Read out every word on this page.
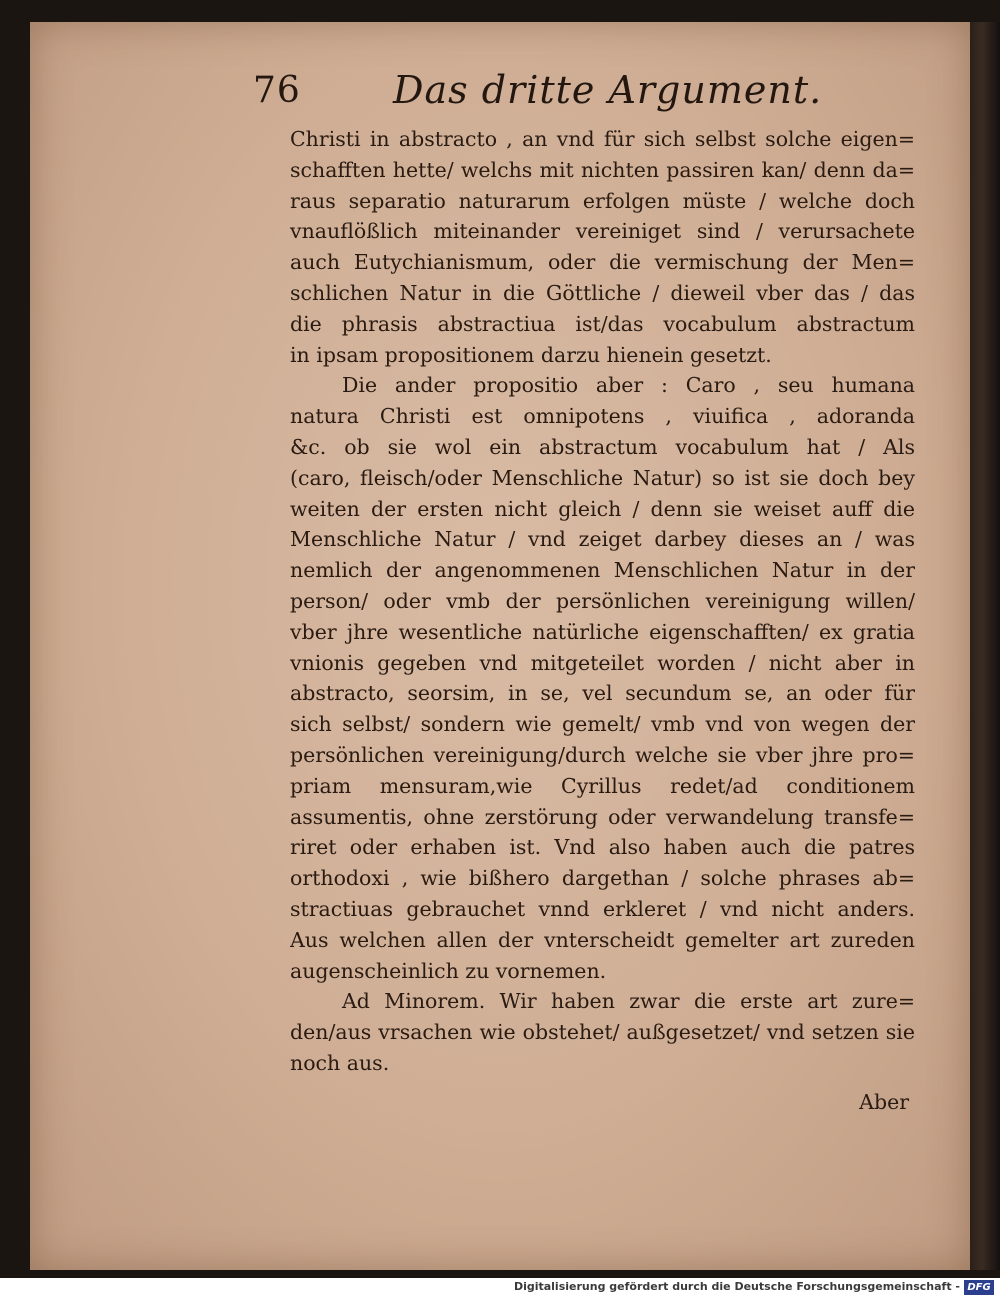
76 Das dritte Argument.
Christi in abstracto , an vnd für sich selbst solche eigen=
schafften hette/ welchs mit nichten passiren kan/ denn da=
raus separatio naturarum erfolgen müste / welche doch
vnauflößlich miteinander vereiniget sind / verursachete
auch Eutychianismum, oder die vermischung der Men=
schlichen Natur in die Göttliche / dieweil vber das / das
die phrasis abstractiua ist/das vocabulum abstractum
in ipsam propositionem darzu hienein gesetzt.
Die ander propositio aber : Caro , seu humana
natura Christi est omnipotens , viuifica , adoranda
&c. ob sie wol ein abstractum vocabulum hat / Als
(caro, fleisch/oder Menschliche Natur) so ist sie doch bey
weiten der ersten nicht gleich / denn sie weiset auff die
Menschliche Natur / vnd zeiget darbey dieses an / was
nemlich der angenommenen Menschlichen Natur in der
person/ oder vmb der persönlichen vereinigung willen/
vber jhre wesentliche natürliche eigenschafften/ ex gratia
vnionis gegeben vnd mitgeteilet worden / nicht aber in
abstracto, seorsim, in se, vel secundum se, an oder für
sich selbst/ sondern wie gemelt/ vmb vnd von wegen der
persönlichen vereinigung/durch welche sie vber jhre pro=
priam mensuram,wie Cyrillus redet/ad conditionem
assumentis, ohne zerstörung oder verwandelung transfe=
riret oder erhaben ist. Vnd also haben auch die patres
orthodoxi , wie bißhero dargethan / solche phrases ab=
stractiuas gebrauchet vnnd erkleret / vnd nicht anders.
Aus welchen allen der vnterscheidt gemelter art zureden
augenscheinlich zu vornemen.
Ad Minorem. Wir haben zwar die erste art zure=
den/aus vrsachen wie obstehet/ außgesetzet/ vnd setzen sie
noch aus.
Aber
Digitalisierung gefördert durch die Deutsche Forschungsgemeinschaft - DFG
